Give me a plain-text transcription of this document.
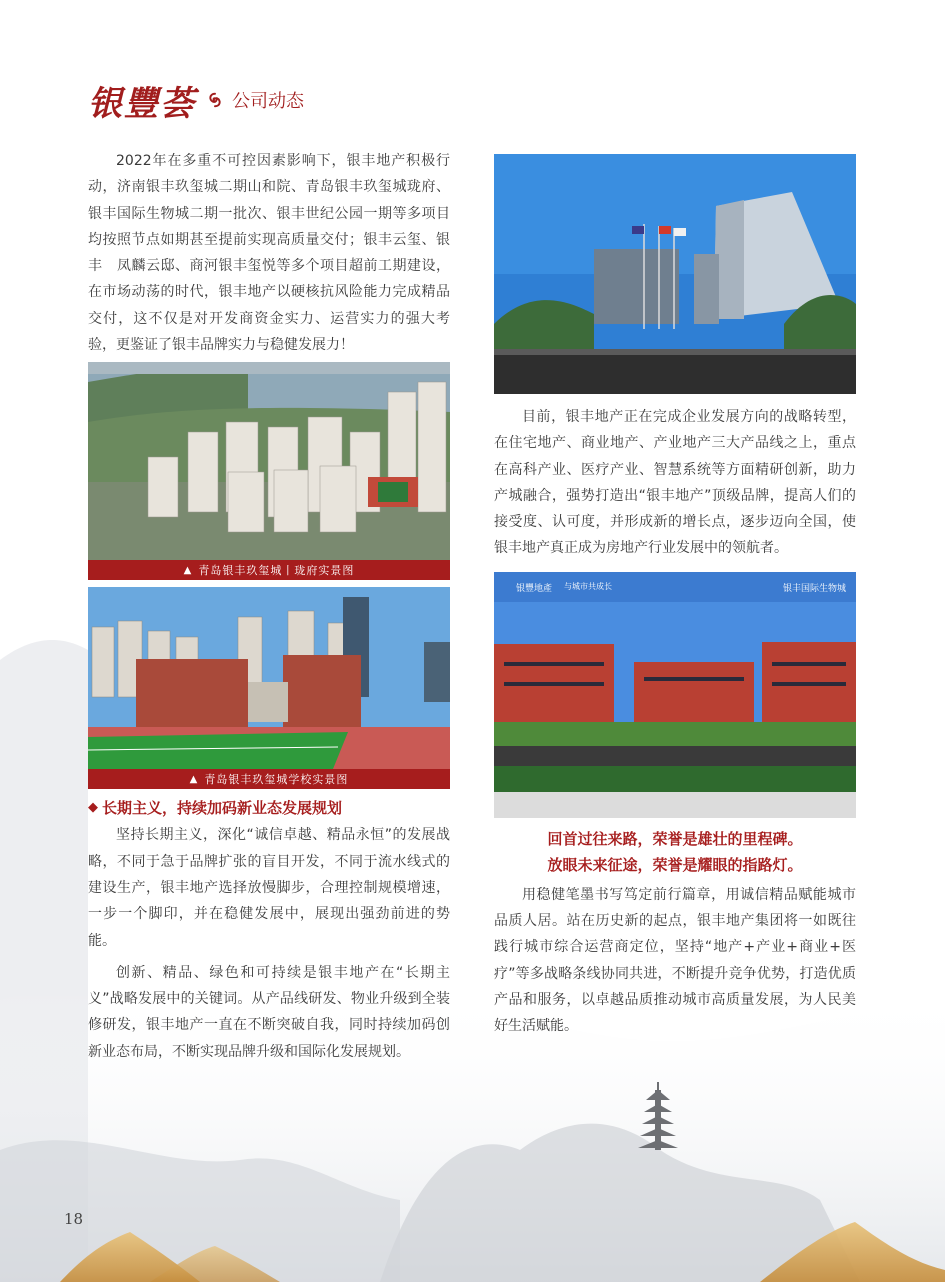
银豐荟 公司动态

2022年在多重不可控因素影响下，银丰地产积极行动，济南银丰玖玺城二期山和院、青岛银丰玖玺城珑府、银丰国际生物城二期一批次、银丰世纪公园一期等多项目均按照节点如期甚至提前实现高质量交付；银丰云玺、银丰　凤麟云邸、商河银丰玺悦等多个项目超前工期建设，在市场动荡的时代，银丰地产以硬核抗风险能力完成精品交付，这不仅是对开发商资金实力、运营实力的强大考验，更鉴证了银丰品牌实力与稳健发展力！

▲ 青岛银丰玖玺城丨珑府实景图
▲ 青岛银丰玖玺城学校实景图
◆ 长期主义，持续加码新业态发展规划

坚持长期主义，深化“诚信卓越、精品永恒”的发展战略，不同于急于品牌扩张的盲目开发，不同于流水线式的建设生产，银丰地产选择放慢脚步，合理控制规模增速，一步一个脚印，并在稳健发展中，展现出强劲前进的势能。

创新、精品、绿色和可持续是银丰地产在“长期主义”战略发展中的关键词。从产品线研发、物业升级到全装修研发，银丰地产一直在不断突破自我，同时持续加码创新业态布局，不断实现品牌升级和国际化发展规划。

目前，银丰地产正在完成企业发展方向的战略转型，在住宅地产、商业地产、产业地产三大产品线之上，重点在高科产业、医疗产业、智慧系统等方面精研创新，助力产城融合，强势打造出“银丰地产”顶级品牌，提高人们的接受度、认可度，并形成新的增长点，逐步迈向全国，使银丰地产真正成为房地产行业发展中的领航者。

银豐地產 与城市共成长	银丰国际生物城
回首过往来路，荣誉是雄壮的里程碑。
放眼未来征途，荣誉是耀眼的指路灯。

用稳健笔墨书写笃定前行篇章，用诚信精品赋能城市品质人居。站在历史新的起点，银丰地产集团将一如既往践行城市综合运营商定位，坚持“地产+产业+商业+医疗”等多战略条线协同共进，不断提升竞争优势，打造优质产品和服务，以卓越品质推动城市高质量发展，为人民美好生活赋能。

18
